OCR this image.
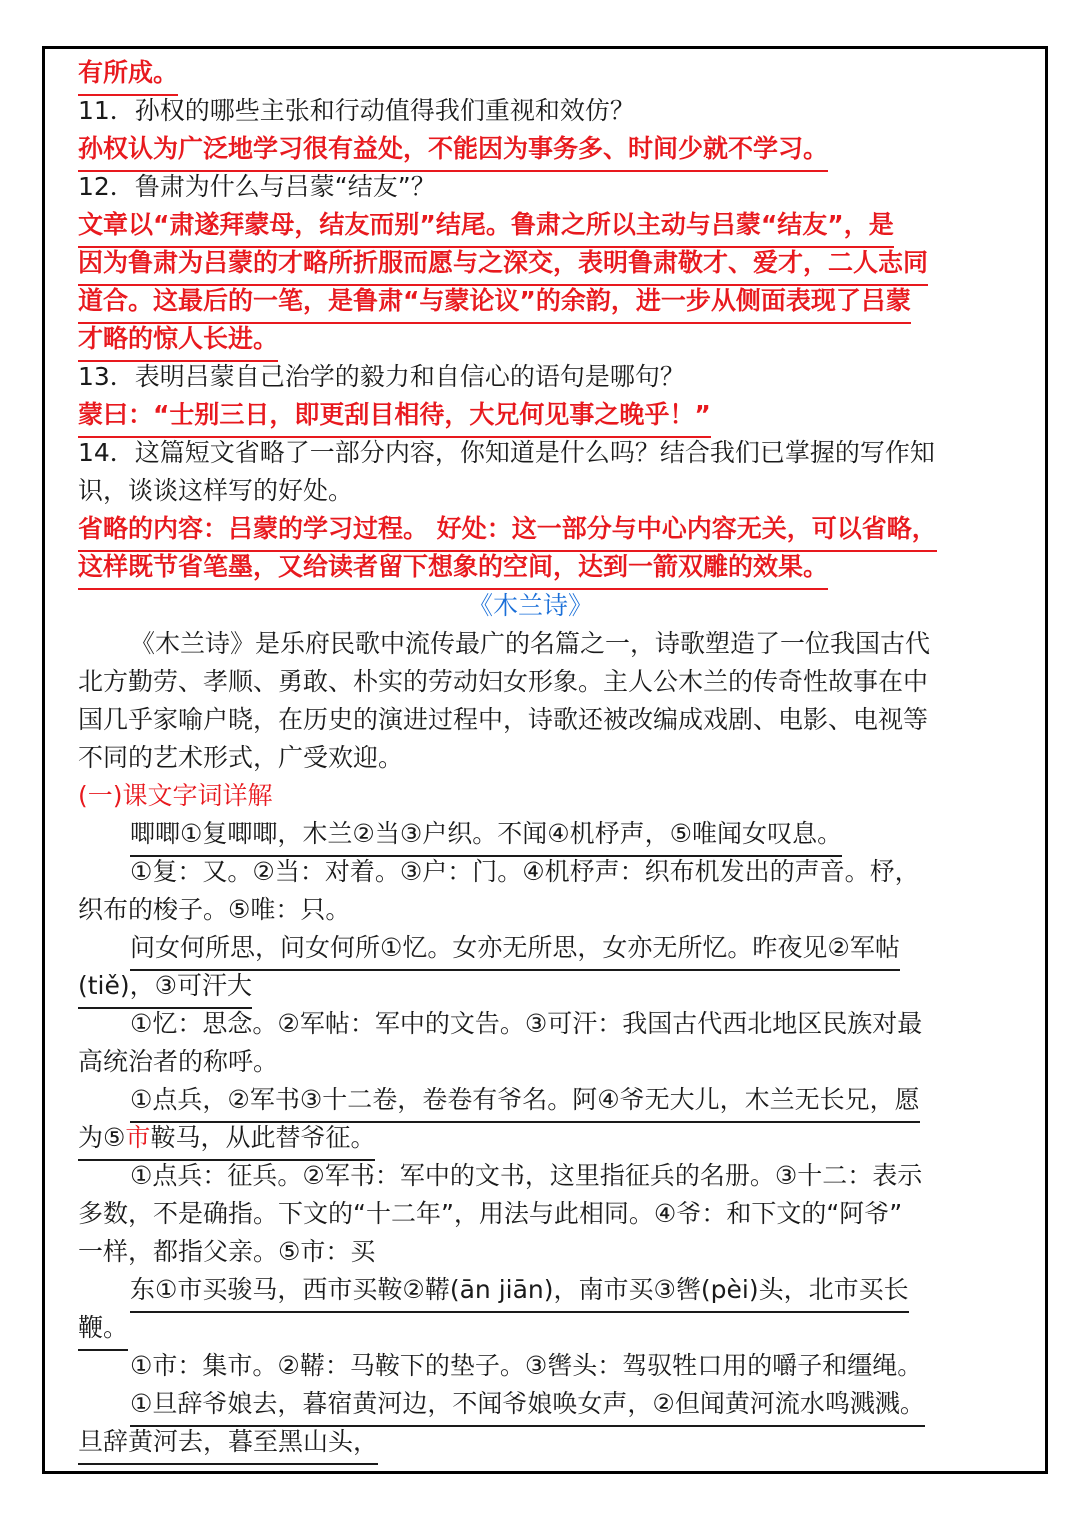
有所成。
11．孙权的哪些主张和行动值得我们重视和效仿？
孙权认为广泛地学习很有益处，不能因为事务多、时间少就不学习。
12．鲁肃为什么与吕蒙“结友”？
文章以“肃遂拜蒙母，结友而别”结尾。鲁肃之所以主动与吕蒙“结友”，是
因为鲁肃为吕蒙的才略所折服而愿与之深交，表明鲁肃敬才、爱才，二人志同
道合。这最后的一笔，是鲁肃“与蒙论议”的余韵，进一步从侧面表现了吕蒙
才略的惊人长进。
13．表明吕蒙自己治学的毅力和自信心的语句是哪句？
蒙曰：“士别三日，即更刮目相待，大兄何见事之晚乎！”
14．这篇短文省略了一部分内容，你知道是什么吗？结合我们已掌握的写作知
识，谈谈这样写的好处。
省略的内容：吕蒙的学习过程。 好处：这一部分与中心内容无关，可以省略，
这样既节省笔墨，又给读者留下想象的空间，达到一箭双雕的效果。
《木兰诗》
《木兰诗》是乐府民歌中流传最广的名篇之一，诗歌塑造了一位我国古代
北方勤劳、孝顺、勇敢、朴实的劳动妇女形象。主人公木兰的传奇性故事在中
国几乎家喻户晓，在历史的演进过程中，诗歌还被改编成戏剧、电影、电视等
不同的艺术形式，广受欢迎。
(一)课文字词详解
唧唧①复唧唧，木兰②当③户织。不闻④机杼声，⑤唯闻女叹息。
①复：又。②当：对着。③户：门。④机杼声：织布机发出的声音。杼，
织布的梭子。⑤唯：只。
问女何所思，问女何所①忆。女亦无所思，女亦无所忆。昨夜见②军帖
(tiě)，③可汗大
①忆：思念。②军帖：军中的文告。③可汗：我国古代西北地区民族对最
高统治者的称呼。
①点兵，②军书③十二卷，卷卷有爷名。阿④爷无大儿，木兰无长兄，愿
为⑤市鞍马，从此替爷征。
①点兵：征兵。②军书：军中的文书，这里指征兵的名册。③十二：表示
多数，不是确指。下文的“十二年”，用法与此相同。④爷：和下文的“阿爷”
一样，都指父亲。⑤市：买
东①市买骏马，西市买鞍②鞯(ān jiān)，南市买③辔(pèi)头，北市买长
鞭。
①市：集市。②鞯：马鞍下的垫子。③辔头：驾驭牲口用的嚼子和缰绳。
①旦辞爷娘去，暮宿黄河边，不闻爷娘唤女声，②但闻黄河流水鸣溅溅。
旦辞黄河去，暮至黑山头，
